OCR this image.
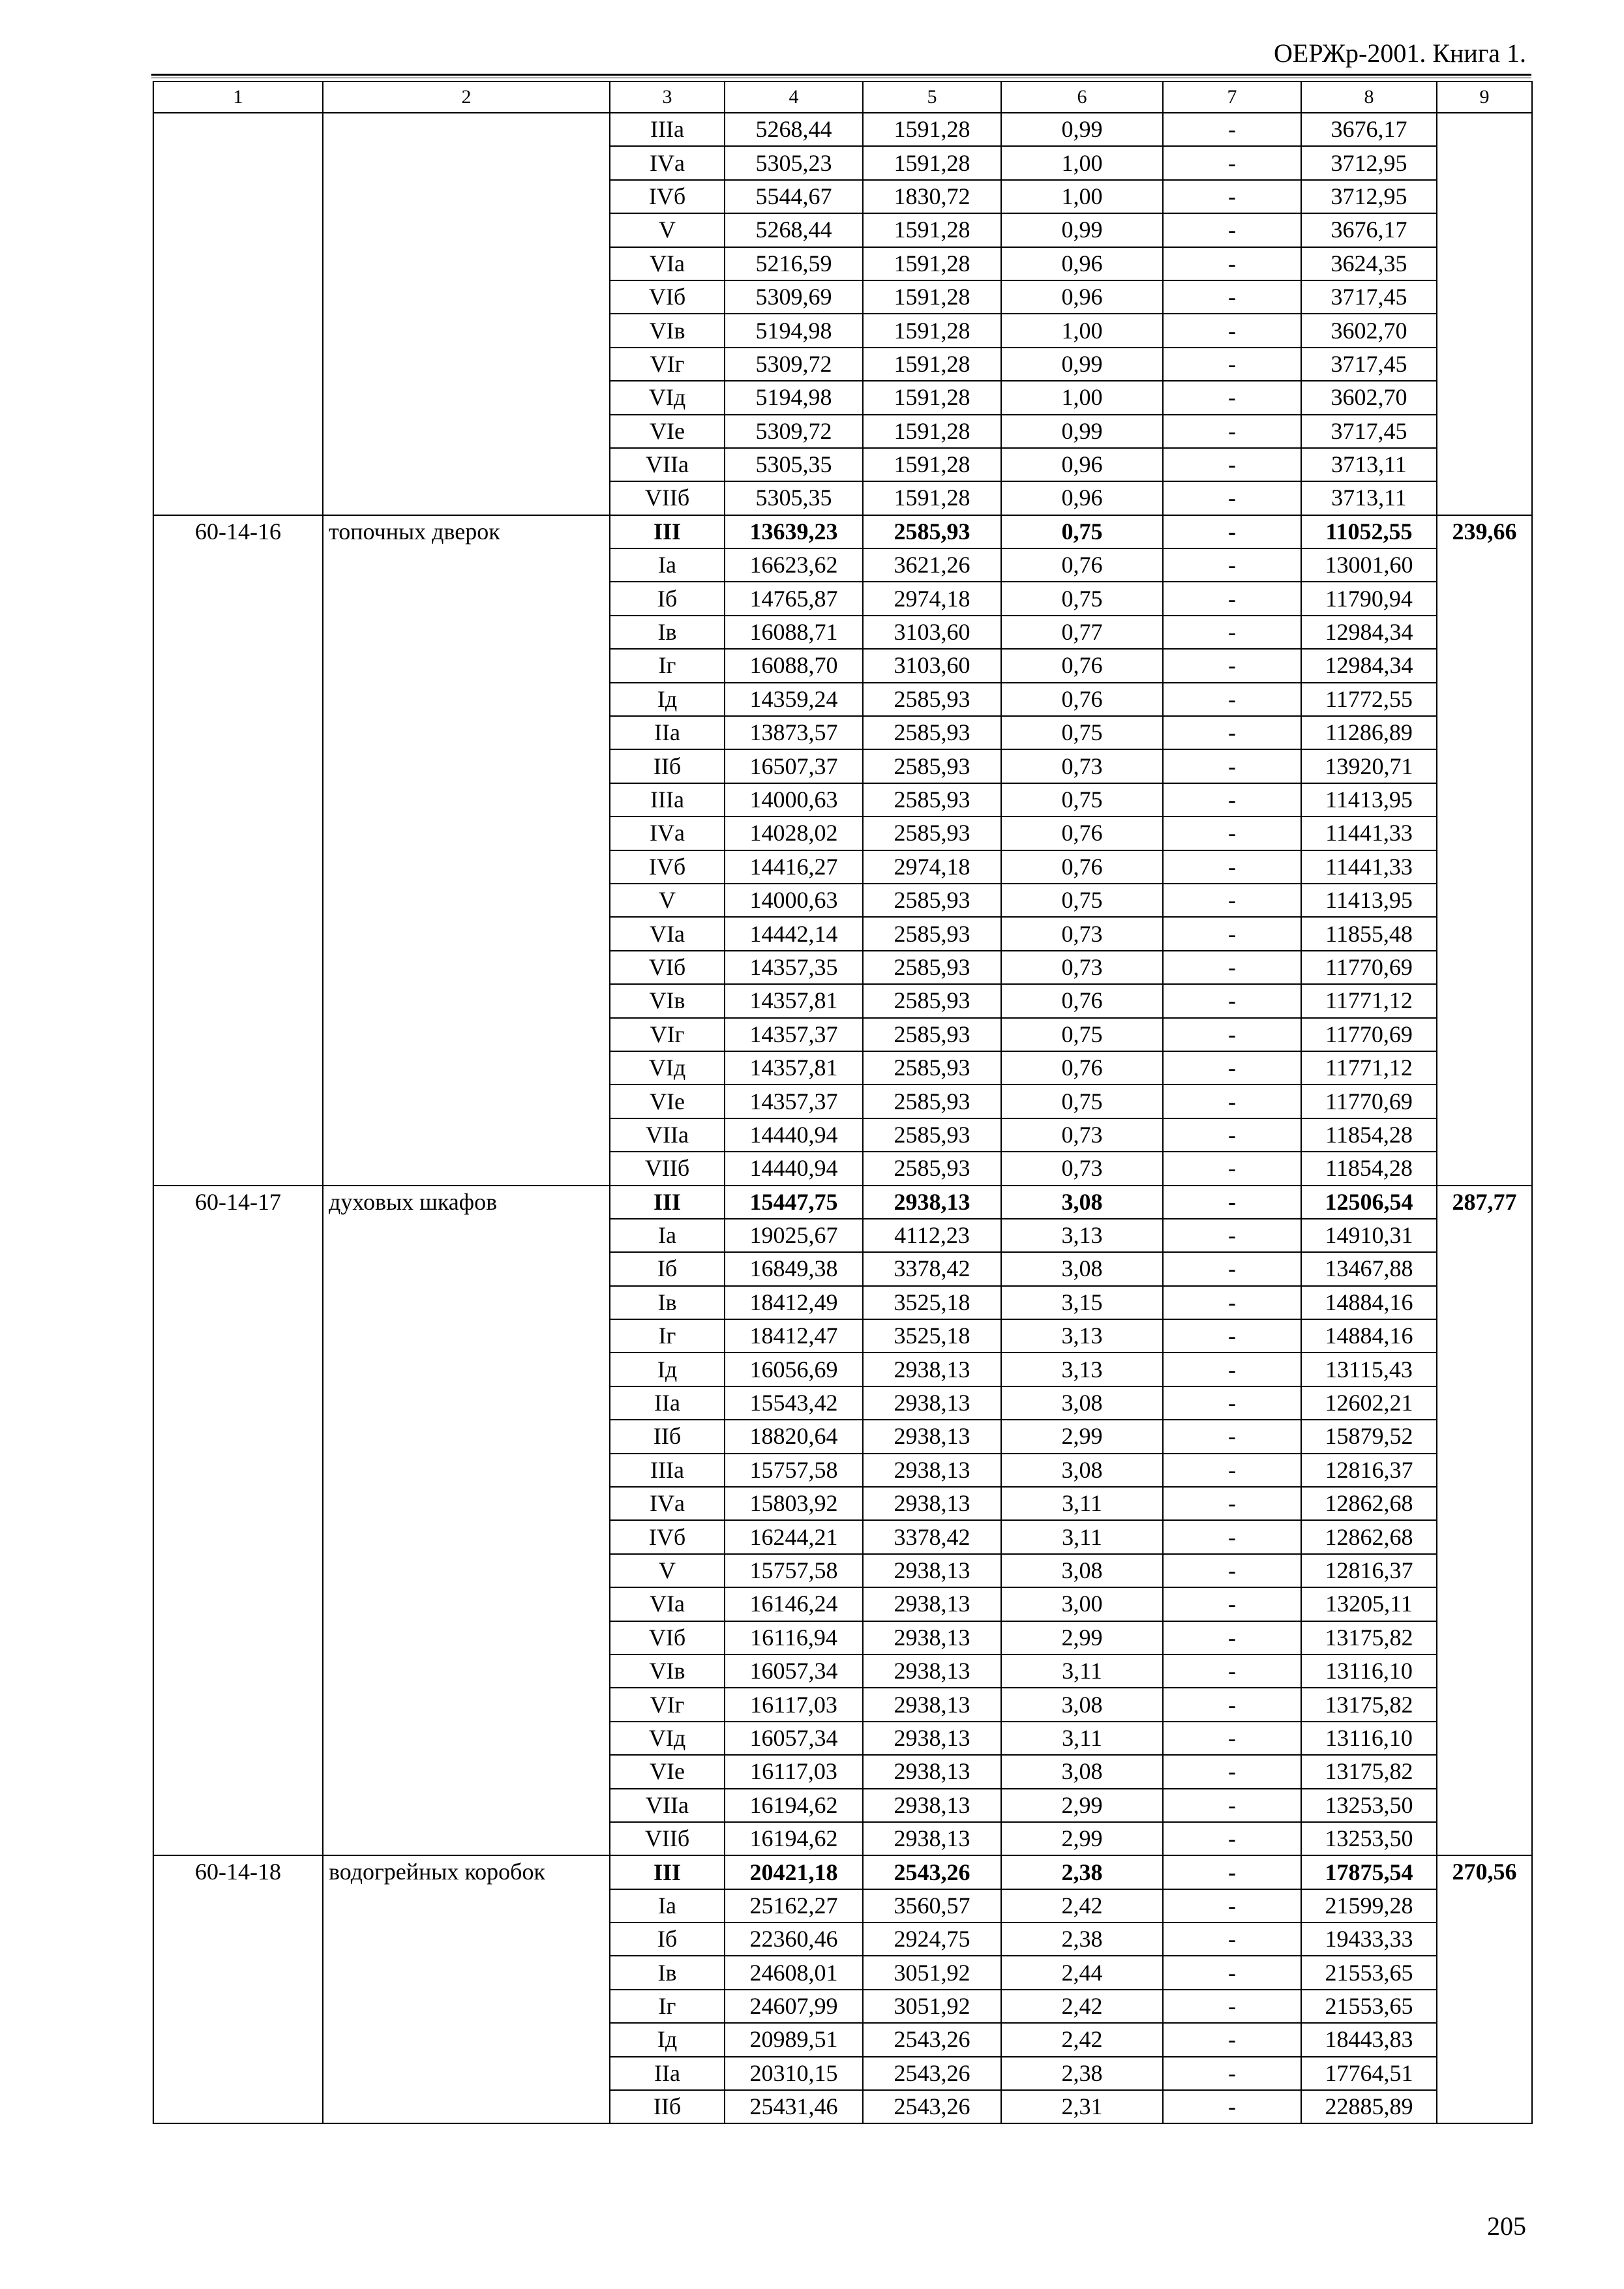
ОЕРЖр-2001. Книга 1.
1	2	3	4	5	6	7	8	9
		IIIа	5268,44	1591,28	0,99	-	3676,17	
		IVа	5305,23	1591,28	1,00	-	3712,95	
		IVб	5544,67	1830,72	1,00	-	3712,95	
		V	5268,44	1591,28	0,99	-	3676,17	
		VIа	5216,59	1591,28	0,96	-	3624,35	
		VIб	5309,69	1591,28	0,96	-	3717,45	
		VIв	5194,98	1591,28	1,00	-	3602,70	
		VIг	5309,72	1591,28	0,99	-	3717,45	
		VIд	5194,98	1591,28	1,00	-	3602,70	
		VIе	5309,72	1591,28	0,99	-	3717,45	
		VIIа	5305,35	1591,28	0,96	-	3713,11	
		VIIб	5305,35	1591,28	0,96	-	3713,11	
60-14-16	топочных дверок	III	13639,23	2585,93	0,75	-	11052,55	239,66
		Iа	16623,62	3621,26	0,76	-	13001,60	
		Iб	14765,87	2974,18	0,75	-	11790,94	
		Iв	16088,71	3103,60	0,77	-	12984,34	
		Iг	16088,70	3103,60	0,76	-	12984,34	
		Iд	14359,24	2585,93	0,76	-	11772,55	
		IIа	13873,57	2585,93	0,75	-	11286,89	
		IIб	16507,37	2585,93	0,73	-	13920,71	
		IIIа	14000,63	2585,93	0,75	-	11413,95	
		IVа	14028,02	2585,93	0,76	-	11441,33	
		IVб	14416,27	2974,18	0,76	-	11441,33	
		V	14000,63	2585,93	0,75	-	11413,95	
		VIа	14442,14	2585,93	0,73	-	11855,48	
		VIб	14357,35	2585,93	0,73	-	11770,69	
		VIв	14357,81	2585,93	0,76	-	11771,12	
		VIг	14357,37	2585,93	0,75	-	11770,69	
		VIд	14357,81	2585,93	0,76	-	11771,12	
		VIе	14357,37	2585,93	0,75	-	11770,69	
		VIIа	14440,94	2585,93	0,73	-	11854,28	
		VIIб	14440,94	2585,93	0,73	-	11854,28	
60-14-17	духовых шкафов	III	15447,75	2938,13	3,08	-	12506,54	287,77
		Iа	19025,67	4112,23	3,13	-	14910,31	
		Iб	16849,38	3378,42	3,08	-	13467,88	
		Iв	18412,49	3525,18	3,15	-	14884,16	
		Iг	18412,47	3525,18	3,13	-	14884,16	
		Iд	16056,69	2938,13	3,13	-	13115,43	
		IIа	15543,42	2938,13	3,08	-	12602,21	
		IIб	18820,64	2938,13	2,99	-	15879,52	
		IIIа	15757,58	2938,13	3,08	-	12816,37	
		IVа	15803,92	2938,13	3,11	-	12862,68	
		IVб	16244,21	3378,42	3,11	-	12862,68	
		V	15757,58	2938,13	3,08	-	12816,37	
		VIа	16146,24	2938,13	3,00	-	13205,11	
		VIб	16116,94	2938,13	2,99	-	13175,82	
		VIв	16057,34	2938,13	3,11	-	13116,10	
		VIг	16117,03	2938,13	3,08	-	13175,82	
		VIд	16057,34	2938,13	3,11	-	13116,10	
		VIе	16117,03	2938,13	3,08	-	13175,82	
		VIIа	16194,62	2938,13	2,99	-	13253,50	
		VIIб	16194,62	2938,13	2,99	-	13253,50	
60-14-18	водогрейных коробок	III	20421,18	2543,26	2,38	-	17875,54	270,56
		Iа	25162,27	3560,57	2,42	-	21599,28	
		Iб	22360,46	2924,75	2,38	-	19433,33	
		Iв	24608,01	3051,92	2,44	-	21553,65	
		Iг	24607,99	3051,92	2,42	-	21553,65	
		Iд	20989,51	2543,26	2,42	-	18443,83	
		IIа	20310,15	2543,26	2,38	-	17764,51	
		IIб	25431,46	2543,26	2,31	-	22885,89	
205
